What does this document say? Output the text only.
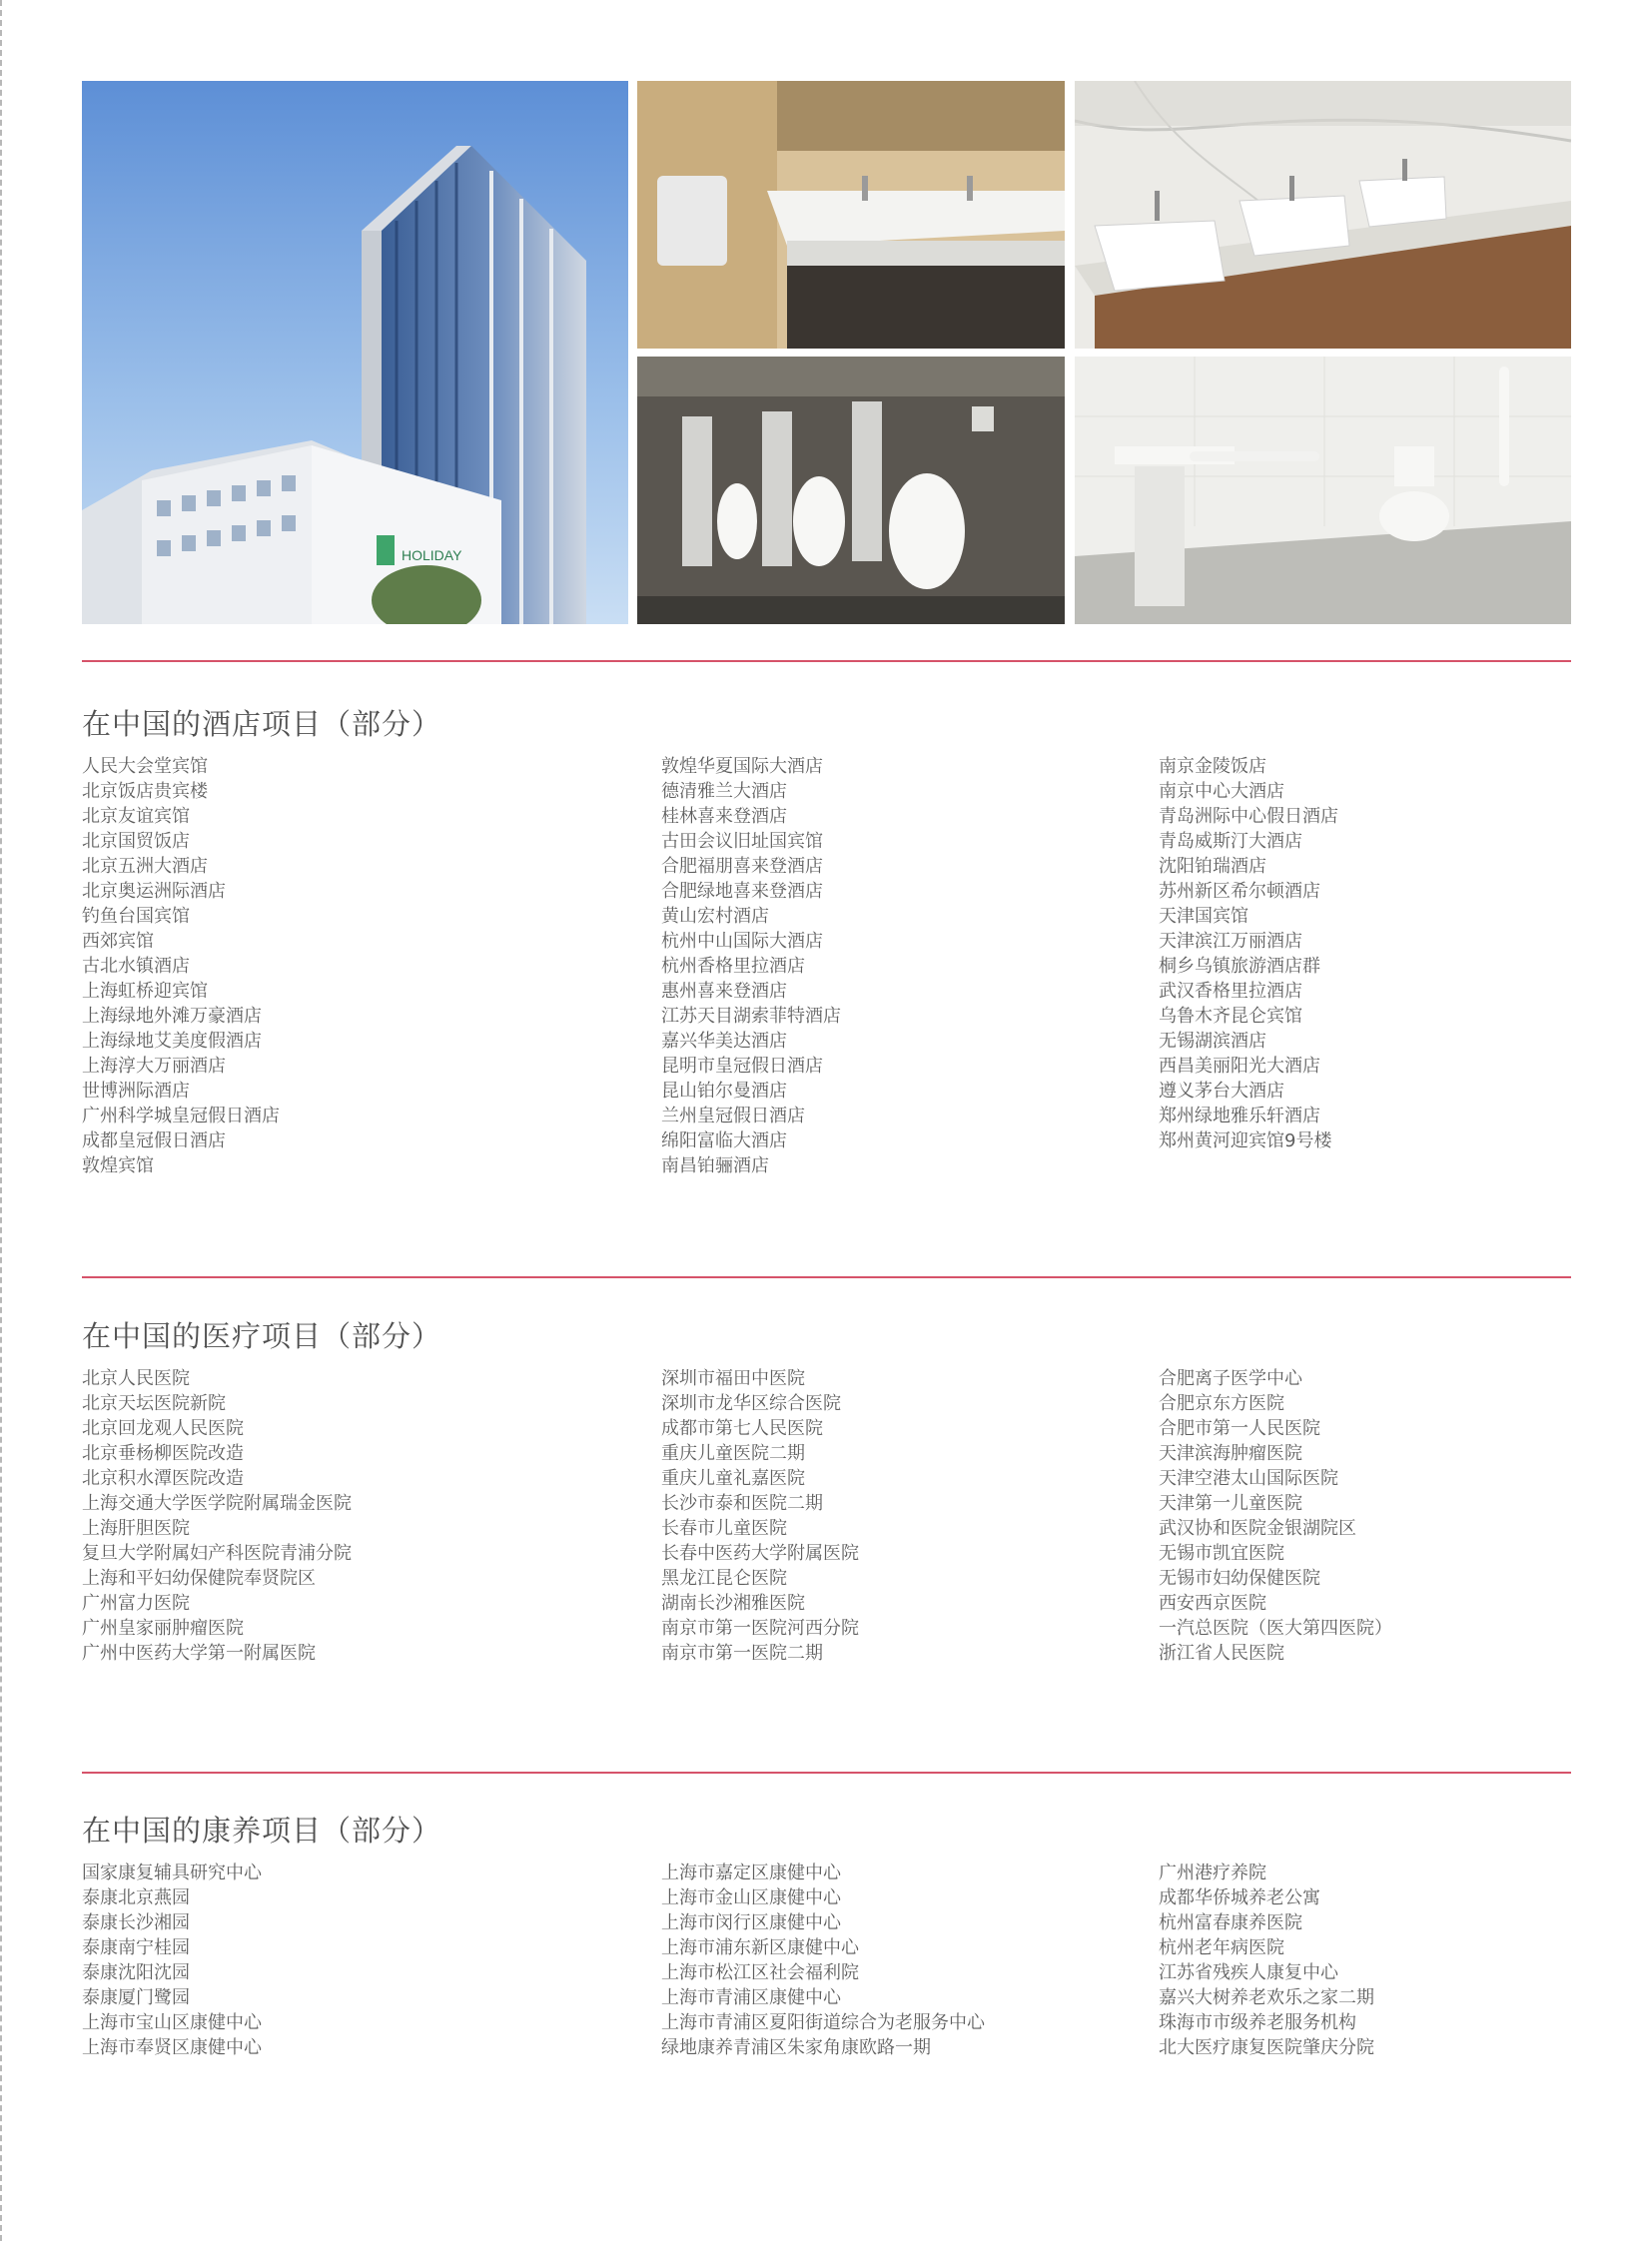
HOLIDAY
在中国的酒店项目（部分）
人民大会堂宾馆
北京饭店贵宾楼
北京友谊宾馆
北京国贸饭店
北京五洲大酒店
北京奥运洲际酒店
钓鱼台国宾馆
西郊宾馆
古北水镇酒店
上海虹桥迎宾馆
上海绿地外滩万豪酒店
上海绿地艾美度假酒店
上海淳大万丽酒店
世博洲际酒店
广州科学城皇冠假日酒店
成都皇冠假日酒店
敦煌宾馆
敦煌华夏国际大酒店
德清雅兰大酒店
桂林喜来登酒店
古田会议旧址国宾馆
合肥福朋喜来登酒店
合肥绿地喜来登酒店
黄山宏村酒店
杭州中山国际大酒店
杭州香格里拉酒店
惠州喜来登酒店
江苏天目湖索菲特酒店
嘉兴华美达酒店
昆明市皇冠假日酒店
昆山铂尔曼酒店
兰州皇冠假日酒店
绵阳富临大酒店
南昌铂骊酒店
南京金陵饭店
南京中心大酒店
青岛洲际中心假日酒店
青岛威斯汀大酒店
沈阳铂瑞酒店
苏州新区希尔顿酒店
天津国宾馆
天津滨江万丽酒店
桐乡乌镇旅游酒店群
武汉香格里拉酒店
乌鲁木齐昆仑宾馆
无锡湖滨酒店
西昌美丽阳光大酒店
遵义茅台大酒店
郑州绿地雅乐轩酒店
郑州黄河迎宾馆9号楼
在中国的医疗项目（部分）
北京人民医院
北京天坛医院新院
北京回龙观人民医院
北京垂杨柳医院改造
北京积水潭医院改造
上海交通大学医学院附属瑞金医院
上海肝胆医院
复旦大学附属妇产科医院青浦分院
上海和平妇幼保健院奉贤院区
广州富力医院
广州皇家丽肿瘤医院
广州中医药大学第一附属医院
深圳市福田中医院
深圳市龙华区综合医院
成都市第七人民医院
重庆儿童医院二期
重庆儿童礼嘉医院
长沙市泰和医院二期
长春市儿童医院
长春中医药大学附属医院
黑龙江昆仑医院
湖南长沙湘雅医院
南京市第一医院河西分院
南京市第一医院二期
合肥离子医学中心
合肥京东方医院
合肥市第一人民医院
天津滨海肿瘤医院
天津空港太山国际医院
天津第一儿童医院
武汉协和医院金银湖院区
无锡市凯宜医院
无锡市妇幼保健医院
西安西京医院
一汽总医院（医大第四医院）
浙江省人民医院
在中国的康养项目（部分）
国家康复辅具研究中心
泰康北京燕园
泰康长沙湘园
泰康南宁桂园
泰康沈阳沈园
泰康厦门鹭园
上海市宝山区康健中心
上海市奉贤区康健中心
上海市嘉定区康健中心
上海市金山区康健中心
上海市闵行区康健中心
上海市浦东新区康健中心
上海市松江区社会福利院
上海市青浦区康健中心
上海市青浦区夏阳街道综合为老服务中心
绿地康养青浦区朱家角康欧路一期
广州港疗养院
成都华侨城养老公寓
杭州富春康养医院
杭州老年病医院
江苏省残疾人康复中心
嘉兴大树养老欢乐之家二期
珠海市市级养老服务机构
北大医疗康复医院肇庆分院
